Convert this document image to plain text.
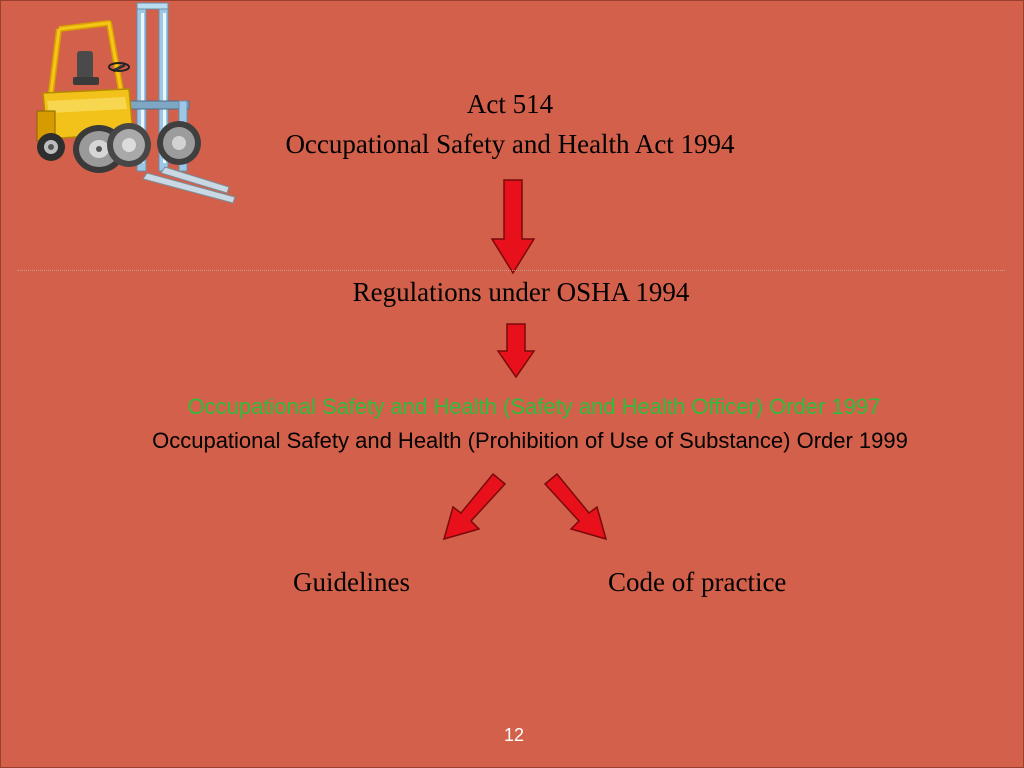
Act 514
Occupational Safety and Health Act 1994
Regulations under OSHA 1994
Occupational Safety and Health (Safety and Health Officer) Order 1997
Occupational Safety and Health (Prohibition of Use of Substance) Order 1999
Guidelines	Code of practice
12
